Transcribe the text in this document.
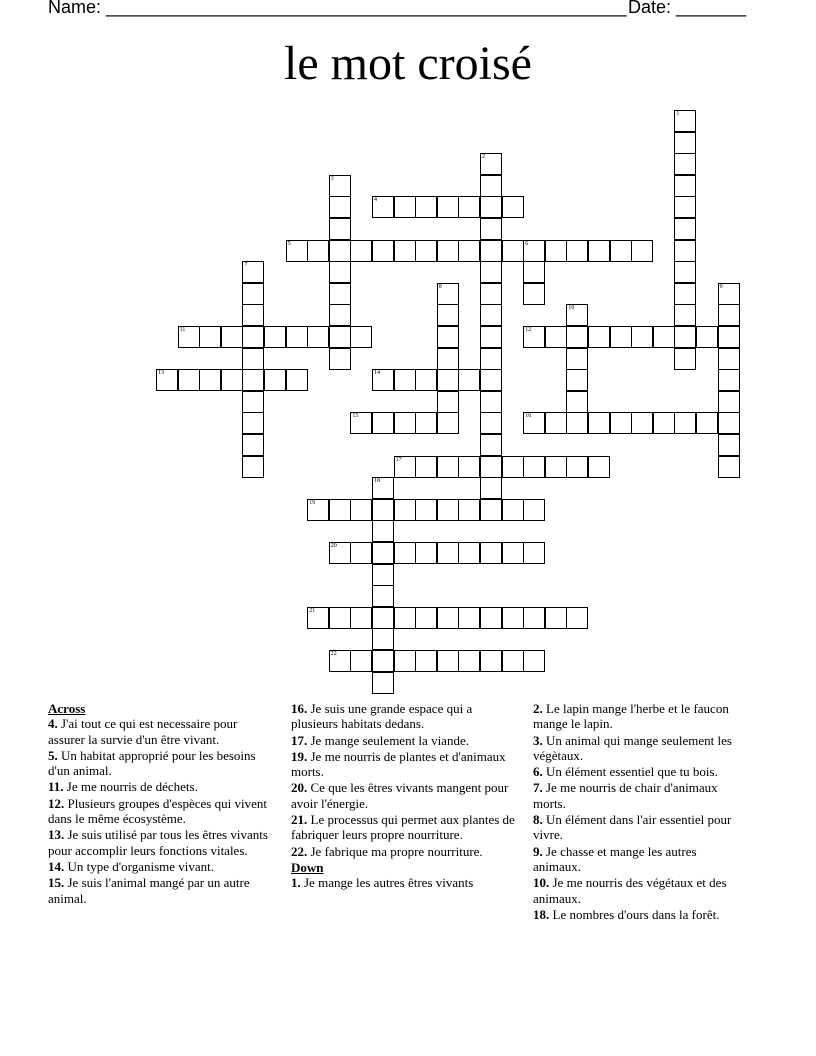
Name: ____________________________________________________ Date: _______
le mot croisé
4
5	6
11	12
13	14
15	16
17
19
20
21
22
1
2
3
7
8	9
10
18
Across
4. J'ai tout ce qui est necessaire pour assurer la survie d'un être vivant.
5. Un habitat approprié pour les besoins d'un animal.
11. Je me nourris de déchets.
12. Plusieurs groupes d'espèces qui vivent dans le même écosystème.
13. Je suis utilisé par tous les êtres vivants pour accomplir leurs fonctions vitales.
14. Un type d'organisme vivant.
15. Je suis l'animal mangé par un autre animal.
16. Je suis une grande espace qui a plusieurs habitats dedans.
17. Je mange seulement la viande.
19. Je me nourris de plantes et d'animaux morts.
20. Ce que les êtres vivants mangent pour avoir l'énergie.
21. Le processus qui permet aux plantes de fabriquer leurs propre nourriture.
22. Je fabrique ma propre nourriture.
Down
1. Je mange les autres êtres vivants
2. Le lapin mange l'herbe et le faucon mange le lapin.
3. Un animal qui mange seulement les végètaux.
6. Un élément essentiel que tu bois.
7. Je me nourris de chair d'animaux morts.
8. Un élément dans l'air essentiel pour vivre.
9. Je chasse et mange les autres animaux.
10. Je me nourris des végétaux et des animaux.
18. Le nombres d'ours dans la forêt.
